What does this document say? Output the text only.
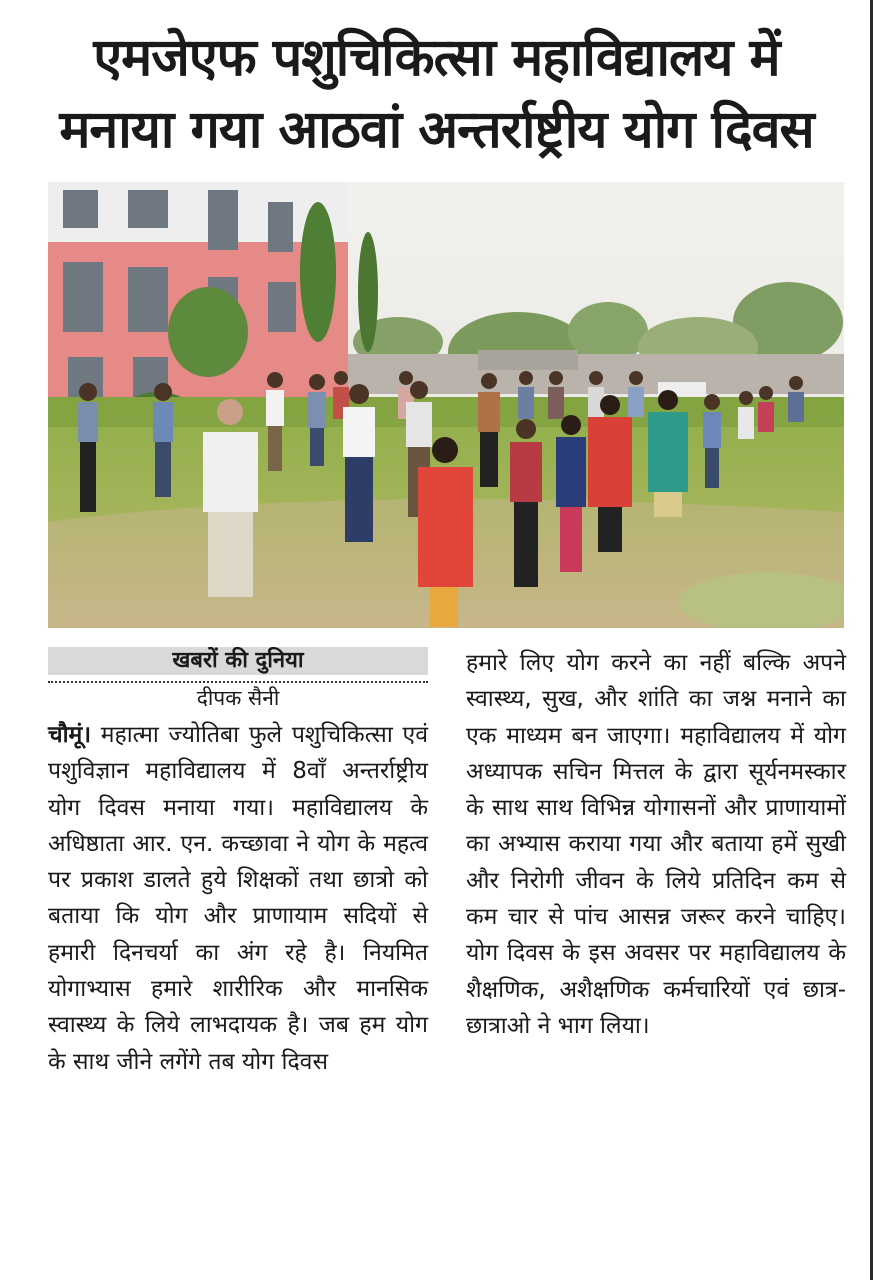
एमजेएफ पशुचिकित्सा महाविद्यालय में
मनाया गया आठवां अन्तर्राष्ट्रीय योग दिवस
खबरों की दुनिया
दीपक सैनी
चौमूं। महात्मा ज्योतिबा फुले पशुचिकित्सा एवं पशुविज्ञान महाविद्यालय में 8वाँ अन्तर्राष्ट्रीय योग दिवस मनाया गया। महाविद्यालय के अधिष्ठाता आर. एन. कच्छावा ने योग के महत्व पर प्रकाश डालते हुये शिक्षकों तथा छात्रो को बताया कि योग और प्राणायाम सदियों से हमारी दिनचर्या का अंग रहे है। नियमित योगाभ्यास हमारे शारीरिक और मानसिक स्वास्थ्य के लिये लाभदायक है। जब हम योग के साथ जीने लगेंगे तब योग दिवस
हमारे लिए योग करने का नहीं बल्कि अपने स्वास्थ्य, सुख, और शांति का जश्न मनाने का एक माध्यम बन जाएगा। महाविद्यालय में योग अध्यापक सचिन मित्तल के द्वारा सूर्यनमस्कार के साथ साथ विभिन्न योगासनों और प्राणायामों का अभ्यास कराया गया और बताया हमें सुखी और निरोगी जीवन के लिये प्रतिदिन कम से कम चार से पांच आसन्न जरूर करने चाहिए। योग दिवस के इस अवसर पर महाविद्यालय के शैक्षणिक, अशैक्षणिक कर्मचारियों एवं छात्र-छात्राओ ने भाग लिया।
